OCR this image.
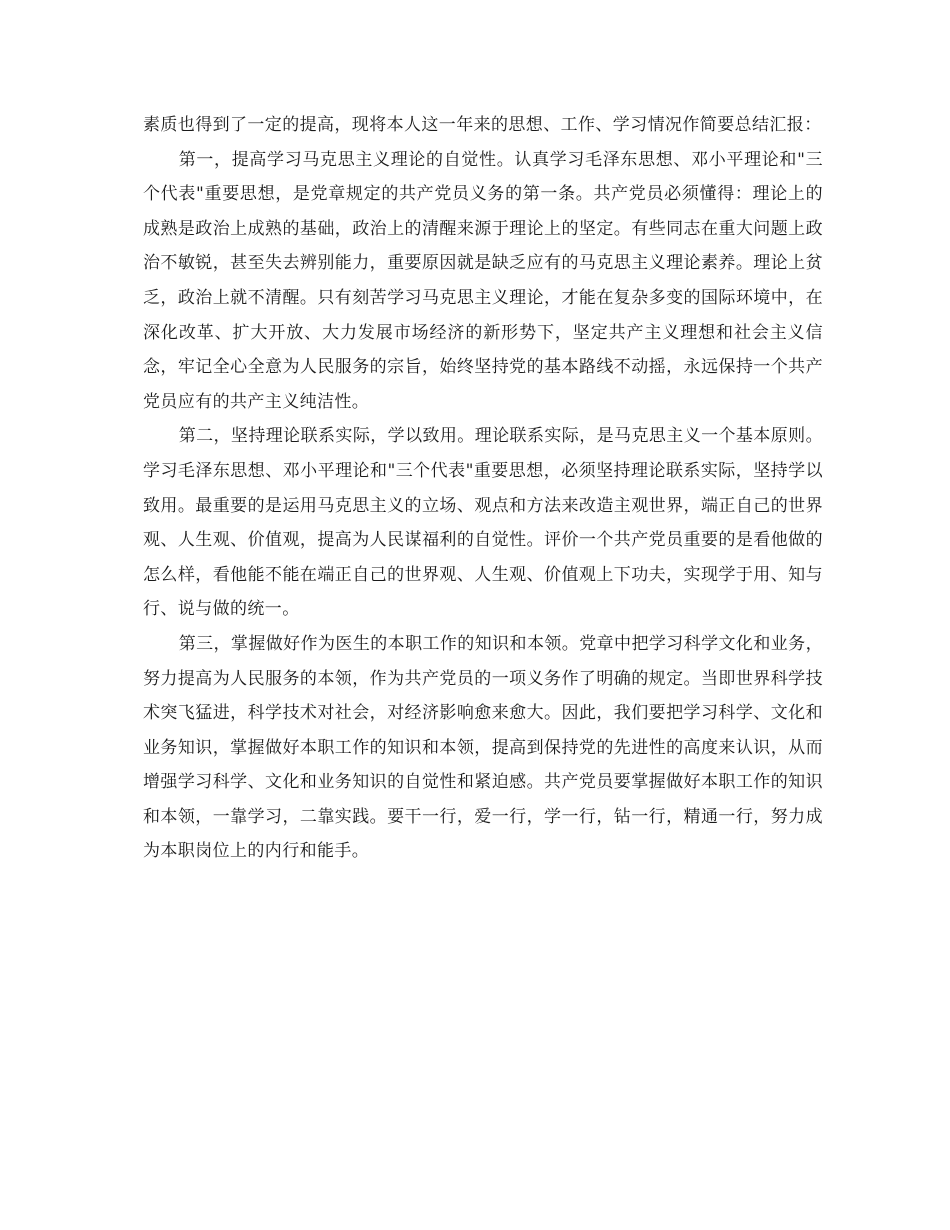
素质也得到了一定的提高，现将本人这一年来的思想、工作、学习情况作简要总结汇报：

第一，提高学习马克思主义理论的自觉性。认真学习毛泽东思想、邓小平理论和"三个代表"重要思想，是党章规定的共产党员义务的第一条。共产党员必须懂得：理论上的成熟是政治上成熟的基础，政治上的清醒来源于理论上的坚定。有些同志在重大问题上政治不敏锐，甚至失去辨别能力，重要原因就是缺乏应有的马克思主义理论素养。理论上贫乏，政治上就不清醒。只有刻苦学习马克思主义理论，才能在复杂多变的国际环境中，在深化改革、扩大开放、大力发展市场经济的新形势下，坚定共产主义理想和社会主义信念，牢记全心全意为人民服务的宗旨，始终坚持党的基本路线不动摇，永远保持一个共产党员应有的共产主义纯洁性。

第二，坚持理论联系实际，学以致用。理论联系实际，是马克思主义一个基本原则。学习毛泽东思想、邓小平理论和"三个代表"重要思想，必须坚持理论联系实际，坚持学以致用。最重要的是运用马克思主义的立场、观点和方法来改造主观世界，端正自己的世界观、人生观、价值观，提高为人民谋福利的自觉性。评价一个共产党员重要的是看他做的怎么样，看他能不能在端正自己的世界观、人生观、价值观上下功夫，实现学于用、知与行、说与做的统一。

第三，掌握做好作为医生的本职工作的知识和本领。党章中把学习科学文化和业务，努力提高为人民服务的本领，作为共产党员的一项义务作了明确的规定。当即世界科学技术突飞猛进，科学技术对社会，对经济影响愈来愈大。因此，我们要把学习科学、文化和业务知识，掌握做好本职工作的知识和本领，提高到保持党的先进性的高度来认识，从而增强学习科学、文化和业务知识的自觉性和紧迫感。共产党员要掌握做好本职工作的知识和本领，一靠学习，二靠实践。要干一行，爱一行，学一行，钻一行，精通一行，努力成为本职岗位上的内行和能手。
